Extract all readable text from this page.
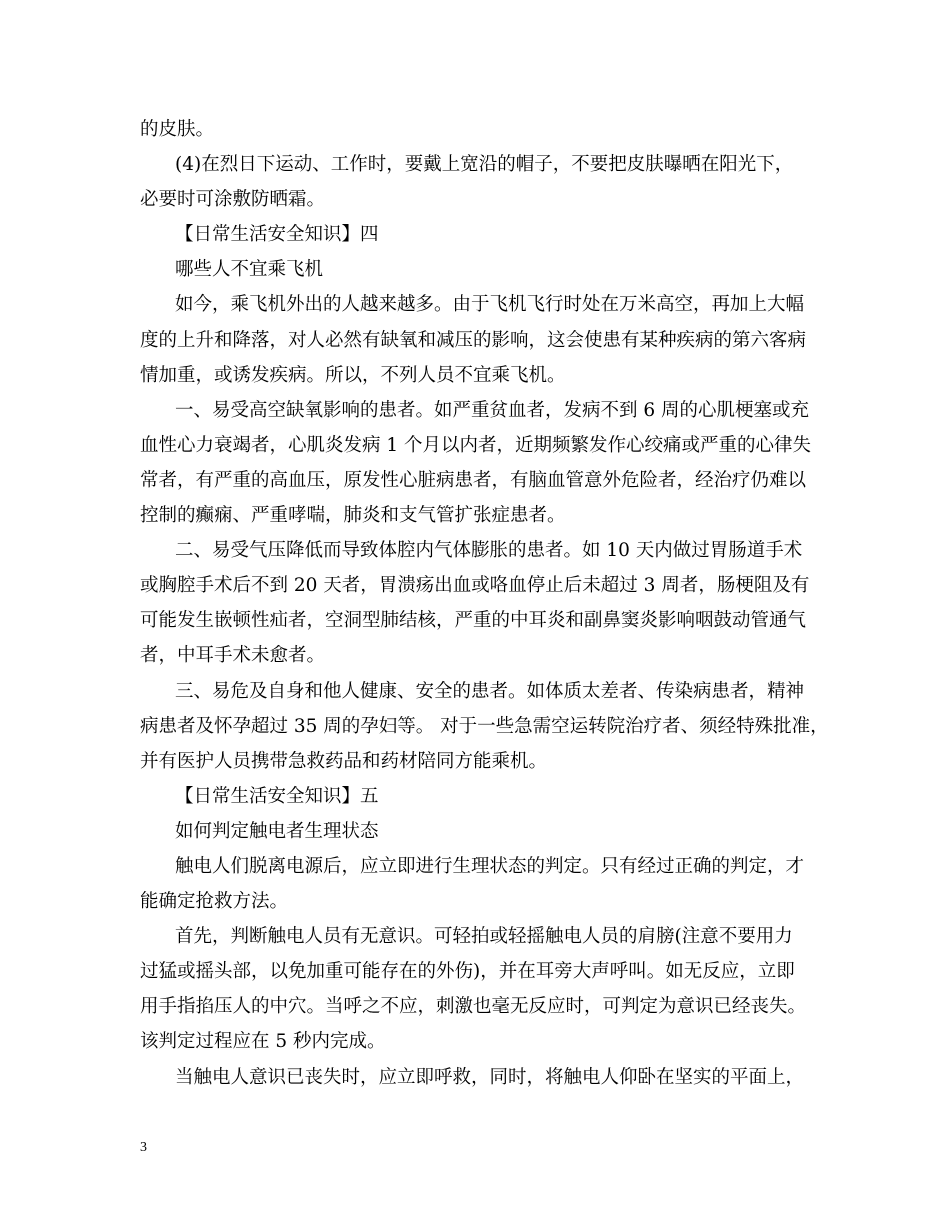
的皮肤。
(4)在烈日下运动、工作时，要戴上宽沿的帽子，不要把皮肤曝晒在阳光下，
必要时可涂敷防晒霜。
【日常生活安全知识】四
哪些人不宜乘飞机
如今，乘飞机外出的人越来越多。由于飞机飞行时处在万米高空，再加上大幅
度的上升和降落，对人必然有缺氧和减压的影响，这会使患有某种疾病的第六客病
情加重，或诱发疾病。所以，不列人员不宜乘飞机。
一、易受高空缺氧影响的患者。如严重贫血者，发病不到 6 周的心肌梗塞或充
血性心力衰竭者，心肌炎发病 1 个月以内者，近期频繁发作心绞痛或严重的心律失
常者，有严重的高血压，原发性心脏病患者，有脑血管意外危险者，经治疗仍难以
控制的癫痫、严重哮喘，肺炎和支气管扩张症患者。
二、易受气压降低而导致体腔内气体膨胀的患者。如 10 天内做过胃肠道手术
或胸腔手术后不到 20 天者，胃溃疡出血或咯血停止后未超过 3 周者，肠梗阻及有
可能发生嵌顿性疝者，空洞型肺结核，严重的中耳炎和副鼻窦炎影响咽鼓动管通气
者，中耳手术未愈者。
三、易危及自身和他人健康、安全的患者。如体质太差者、传染病患者，精神
病患者及怀孕超过 35 周的孕妇等。 对于一些急需空运转院治疗者、须经特殊批准，
并有医护人员携带急救药品和药材陪同方能乘机。
【日常生活安全知识】五
如何判定触电者生理状态
触电人们脱离电源后，应立即进行生理状态的判定。只有经过正确的判定，才
能确定抢救方法。
首先，判断触电人员有无意识。可轻拍或轻摇触电人员的肩膀(注意不要用力
过猛或摇头部，以免加重可能存在的外伤)，并在耳旁大声呼叫。如无反应，立即
用手指掐压人的中穴。当呼之不应，刺激也毫无反应时，可判定为意识已经丧失。
该判定过程应在 5 秒内完成。
当触电人意识已丧失时，应立即呼救，同时，将触电人仰卧在坚实的平面上，
3
